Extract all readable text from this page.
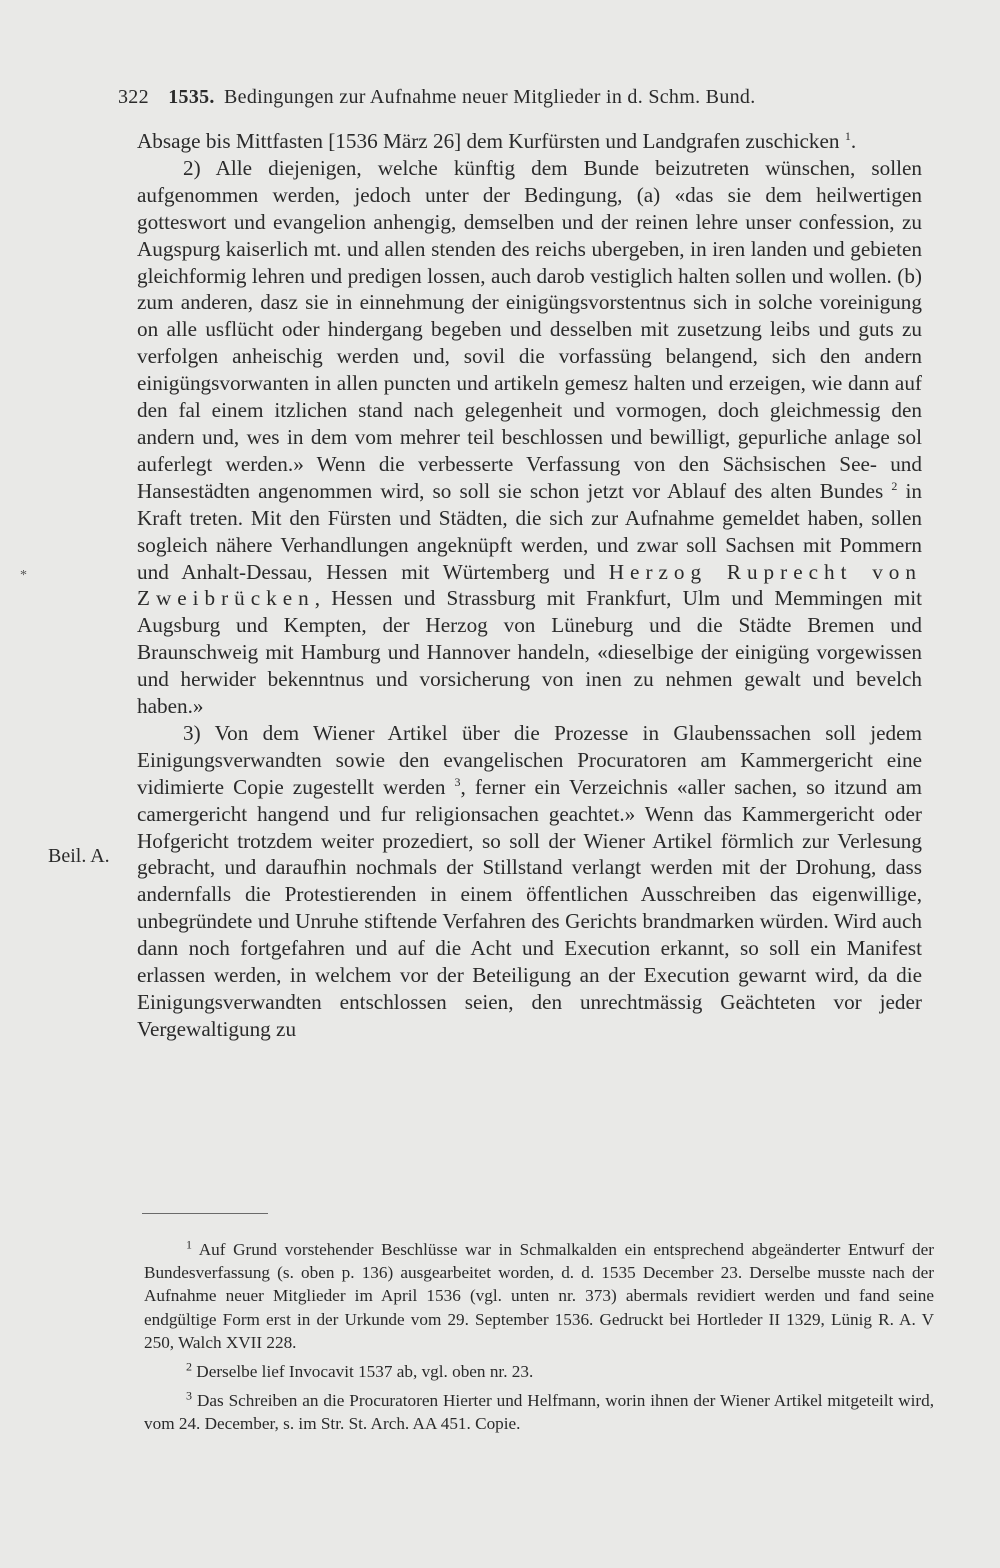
322 1535. Bedingungen zur Aufnahme neuer Mitglieder in d. Schm. Bund.
*
Beil. A.

Absage bis Mittfasten [1536 März 26] dem Kurfürsten und Landgrafen zuschicken $^1$.

2) Alle diejenigen, welche künftig dem Bunde beizutreten wünschen, sollen aufgenommen werden, jedoch unter der Bedingung, (a) «das sie dem heilwertigen gotteswort und evangelion anhengig, demselben und der reinen lehre unser confession, zu Augspurg kaiserlich mt. und allen stenden des reichs ubergeben, in iren landen und gebieten gleichformig lehren und predigen lossen, auch darob vestiglich halten sollen und wollen. (b) zum anderen, dasz sie in einnehmung der einigüngsvorstentnus sich in solche voreinigung on alle usflücht oder hindergang begeben und desselben mit zusetzung leibs und guts zu verfolgen anheischig werden und, sovil die vorfassüng belangend, sich den andern einigüngsvorwanten in allen puncten und artikeln gemesz halten und erzeigen, wie dann auf den fal einem itzlichen stand nach gelegenheit und vormogen, doch gleichmessig den andern und, wes in dem vom mehrer teil beschlossen und bewilligt, gepurliche anlage sol auferlegt werden.» Wenn die verbesserte Verfassung von den Sächsischen See- und Hansestädten angenommen wird, so soll sie schon jetzt vor Ablauf des alten Bundes $^2$ in Kraft treten. Mit den Fürsten und Städten, die sich zur Aufnahme gemeldet haben, sollen sogleich nähere Verhandlungen angeknüpft werden, und zwar soll Sachsen mit Pommern und Anhalt-Dessau, Hessen mit Würtemberg und Herzog Ruprecht von Zweibrücken, Hessen und Strassburg mit Frankfurt, Ulm und Memmingen mit Augsburg und Kempten, der Herzog von Lüneburg und die Städte Bremen und Braunschweig mit Hamburg und Hannover handeln, «dieselbige der einigüng vorgewissen und herwider bekenntnus und vorsicherung von inen zu nehmen gewalt und bevelch haben.»

3) Von dem Wiener Artikel über die Prozesse in Glaubenssachen soll jedem Einigungsverwandten sowie den evangelischen Procuratoren am Kammergericht eine vidimierte Copie zugestellt werden $^3$, ferner ein Verzeichnis «aller sachen, so itzund am camergericht hangend und fur religionsachen geachtet.» Wenn das Kammergericht oder Hofgericht trotzdem weiter prozediert, so soll der Wiener Artikel förmlich zur Verlesung gebracht, und daraufhin nochmals der Stillstand verlangt werden mit der Drohung, dass andernfalls die Protestierenden in einem öffentlichen Ausschreiben das eigenwillige, unbegründete und Unruhe stiftende Verfahren des Gerichts brandmarken würden. Wird auch dann noch fortgefahren und auf die Acht und Execution erkannt, so soll ein Manifest erlassen werden, in welchem vor der Beteiligung an der Execution gewarnt wird, da die Einigungsverwandten entschlossen seien, den unrechtmässig Geächteten vor jeder Vergewaltigung zu

$^1$ Auf Grund vorstehender Beschlüsse war in Schmalkalden ein entsprechend abgeänderter Entwurf der Bundesverfassung (s. oben p. 136) ausgearbeitet worden, d. d. 1535 December 23. Derselbe musste nach der Aufnahme neuer Mitglieder im April 1536 (vgl. unten nr. 373) abermals revidiert werden und fand seine endgültige Form erst in der Urkunde vom 29. September 1536. Gedruckt bei Hortleder II 1329, Lünig R. A. V 250, Walch XVII 228.

$^2$ Derselbe lief Invocavit 1537 ab, vgl. oben nr. 23.

$^3$ Das Schreiben an die Procuratoren Hierter und Helfmann, worin ihnen der Wiener Artikel mitgeteilt wird, vom 24. December, s. im Str. St. Arch. AA 451. Copie.
